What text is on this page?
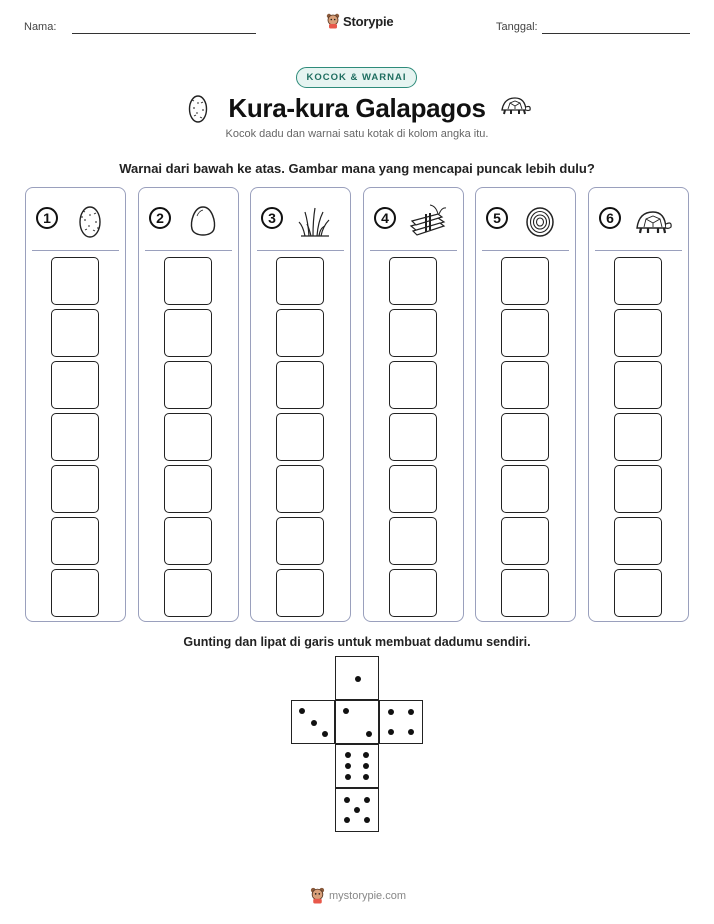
Nama:	Storypie	Tanggal:
KOCOK & WARNAI
Kura-kura Galapagos
Kocok dadu dan warnai satu kotak di kolom angka itu.
Warnai dari bawah ke atas. Gambar mana yang mencapai puncak lebih dulu?
1	2	3	4	5	6
Gunting dan lipat di garis untuk membuat dadumu sendiri.
mystorypie.com
